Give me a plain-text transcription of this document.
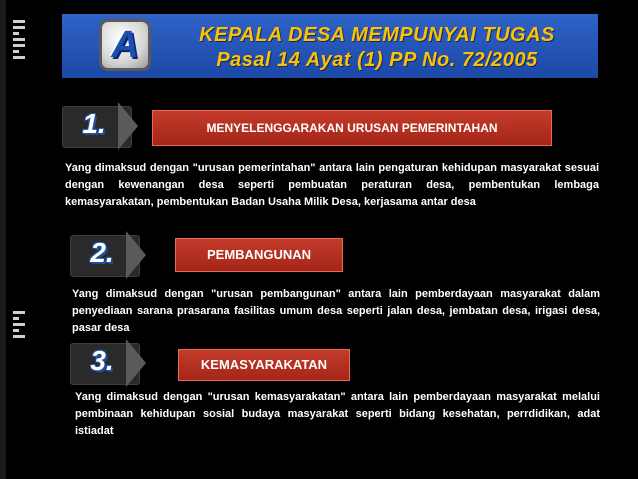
KEPALA DESA MEMPUNYAI TUGAS
Pasal 14 Ayat (1) PP No. 72/2005
A
1.	MENYELENGGARAKAN URUSAN PEMERINTAHAN
Yang dimaksud dengan "urusan pemerintahan" antara lain pengaturan kehidupan masyarakat sesuai dengan kewenangan desa seperti pembuatan peraturan desa, pembentukan lembaga kemasyarakatan, pembentukan Badan Usaha Milik Desa, kerjasama antar desa
2.	PEMBANGUNAN
Yang dimaksud dengan "urusan pembangunan" antara lain pemberdayaan masyarakat dalam penyediaan sarana prasarana fasilitas umum desa seperti jalan desa, jembatan desa, irigasi desa, pasar desa
3.	KEMASYARAKATAN
Yang dimaksud dengan "urusan kemasyarakatan" antara lain pemberdayaan masyarakat melalui pembinaan kehidupan sosial budaya masyarakat seperti bidang kesehatan, perrdidikan, adat istiadat
